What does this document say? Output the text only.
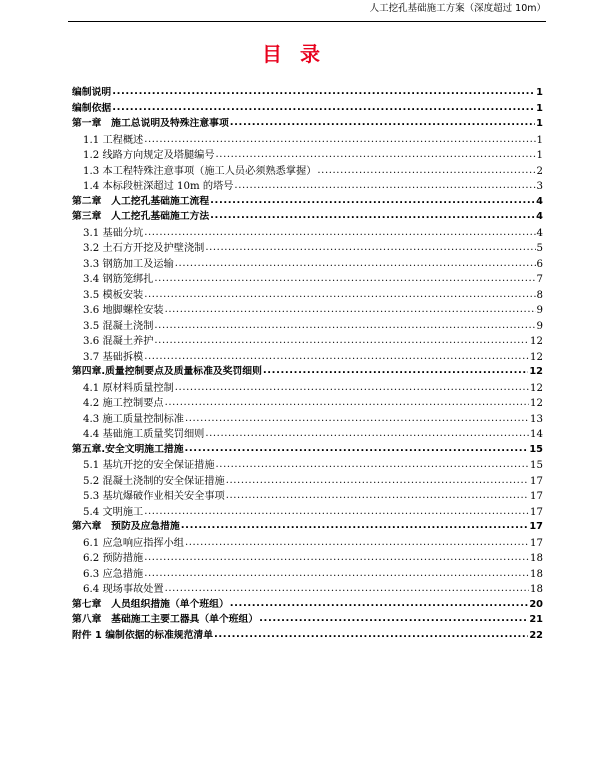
人工挖孔基础施工方案（深度超过 10m）
目录
编制说明 .....	1
编制依据 .....	1
第一章　施工总说明及特殊注意事项 .....	1
1.1 工程概述 .....	1
1.2 线路方向规定及塔腿编号 .....	1
1.3 本工程特殊注意事项（施工人员必须熟悉掌握） .....	2
1.4 本标段桩深超过 10m 的塔号 .....	3
第二章　人工挖孔基础施工流程 .....	4
第三章　人工挖孔基础施工方法 .....	4
3.1 基础分坑 .....	4
3.2 土石方开挖及护壁浇制 .....	5
3.3 钢筋加工及运输 .....	6
3.4 钢筋笼绑扎 .....	7
3.5 模板安装 .....	8
3.6 地脚螺栓安装 .....	9
3.5 混凝土浇制 .....	9
3.6 混凝土养护 .....	12
3.7 基础拆模 .....	12
第四章.质量控制要点及质量标准及奖罚细则 .....	12
4.1 原材料质量控制 .....	12
4.2 施工控制要点 .....	12
4.3 施工质量控制标准 .....	13
4.4 基础施工质量奖罚细则 .....	14
第五章.安全文明施工措施 .....	15
5.1 基坑开挖的安全保证措施 .....	15
5.2 混凝土浇制的安全保证措施 .....	17
5.3 基坑爆破作业相关安全事项 .....	17
5.4 文明施工 .....	17
第六章　预防及应急措施 .....	17
6.1 应急响应指挥小组 .....	17
6.2 预防措施 .....	18
6.3 应急措施 .....	18
6.4 现场事故处置 .....	18
第七章　人员组织措施（单个班组） .....	20
第八章　基础施工主要工器具（单个班组） .....	21
附件 1 编制依据的标准规范清单 .....	22
